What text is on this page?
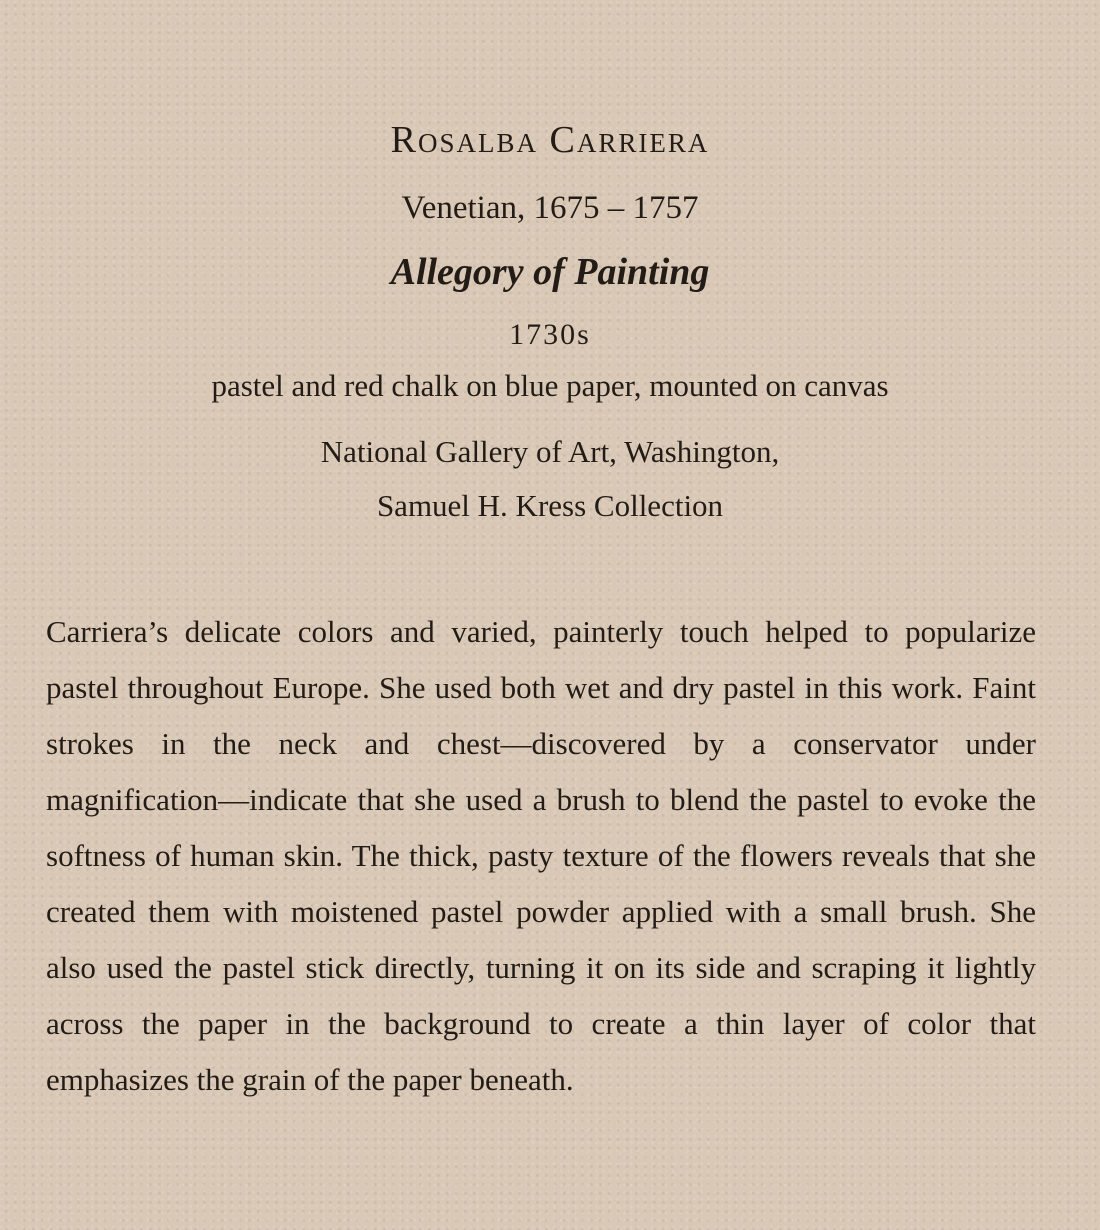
Rosalba Carriera
Venetian, 1675 – 1757
Allegory of Painting
1730s
pastel and red chalk on blue paper, mounted on canvas
National Gallery of Art, Washington,
Samuel H. Kress Collection
Carriera’s delicate colors and varied, painterly touch helped to popularize pastel throughout Europe. She used both wet and dry pastel in this work. Faint strokes in the neck and chest—discovered by a conservator under magnification—indicate that she used a brush to blend the pastel to evoke the softness of human skin. The thick, pasty texture of the flowers reveals that she created them with moistened pastel powder applied with a small brush. She also used the pastel stick directly, turning it on its side and scraping it lightly across the paper in the background to create a thin layer of color that emphasizes the grain of the paper beneath.
